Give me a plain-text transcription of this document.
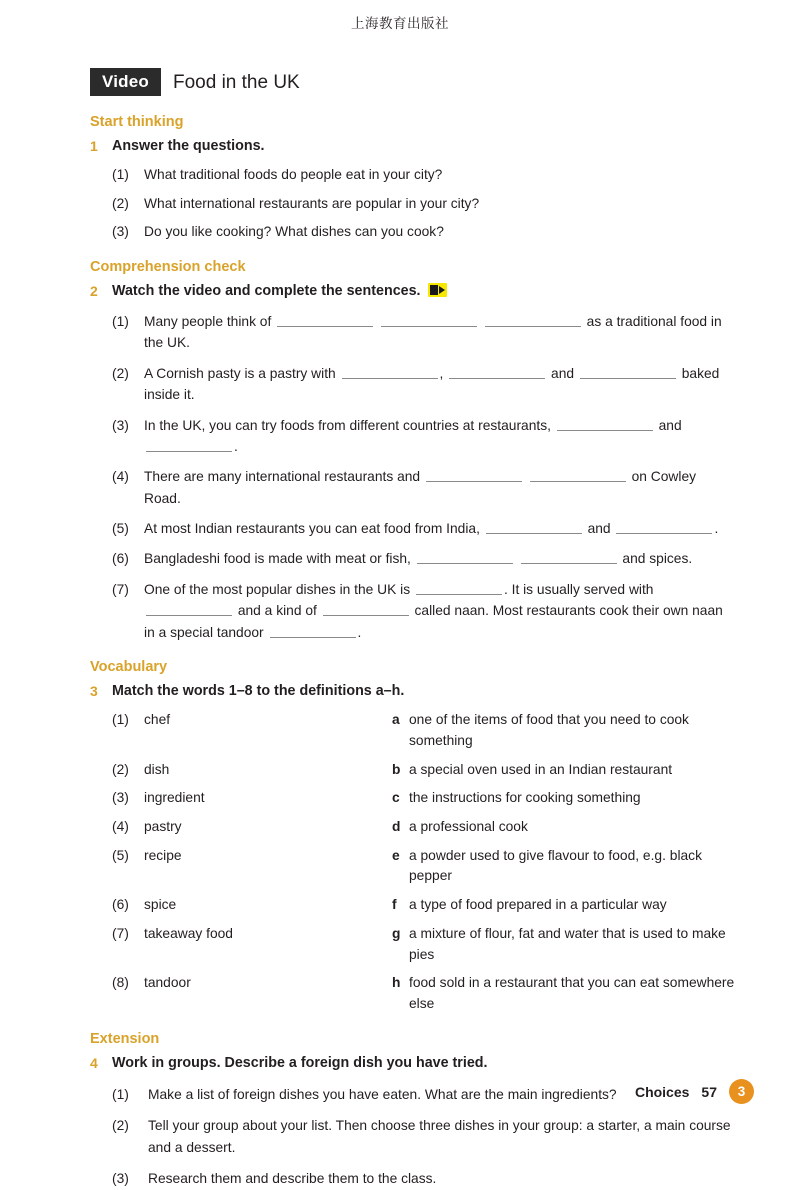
上海教育出版社
Video	Food in the UK
Start thinking
1 Answer the questions.
(1)	What traditional foods do people eat in your city?
(2)	What international restaurants are popular in your city?
(3)	Do you like cooking? What dishes can you cook?
Comprehension check
2 Watch the video and complete the sentences.
(1)	Many people think of	as a traditional food in the UK.
(2)	A Cornish pasty is a pastry with	,	and	baked inside it.
(3)	In the UK, you can try foods from different countries at restaurants,	and .
(4)	There are many international restaurants and	on Cowley Road.
(5)	At most Indian restaurants you can eat food from India,	and	.
(6)	Bangladeshi food is made with meat or fish,	and spices.
(7)	One of the most popular dishes in the UK is	. It is usually served with  and a kind of	called naan. Most restaurants cook their own naan in a special tandoor	.
Vocabulary
3 Match the words 1–8 to the definitions a–h.
(1)	chef	a one of the items of food that you need to cook something
(2)	dish	b a special oven used in an Indian restaurant
(3)	ingredient	c the instructions for cooking something
(4)	pastry	d a professional cook
(5)	recipe	e a powder used to give flavour to food, e.g. black pepper
(6)	spice	f a type of food prepared in a particular way
(7)	takeaway food	g a mixture of flour, fat and water that is used to make pies
(8)	tandoor	h food sold in a restaurant that you can eat somewhere else
Extension
4 Work in groups. Describe a foreign dish you have tried.
(1)	Make a list of foreign dishes you have eaten. What are the main ingredients?
(2)	Tell your group about your list. Then choose three dishes in your group: a starter, a main course and a dessert.
(3)	Research them and describe them to the class.
Choices 57	3
